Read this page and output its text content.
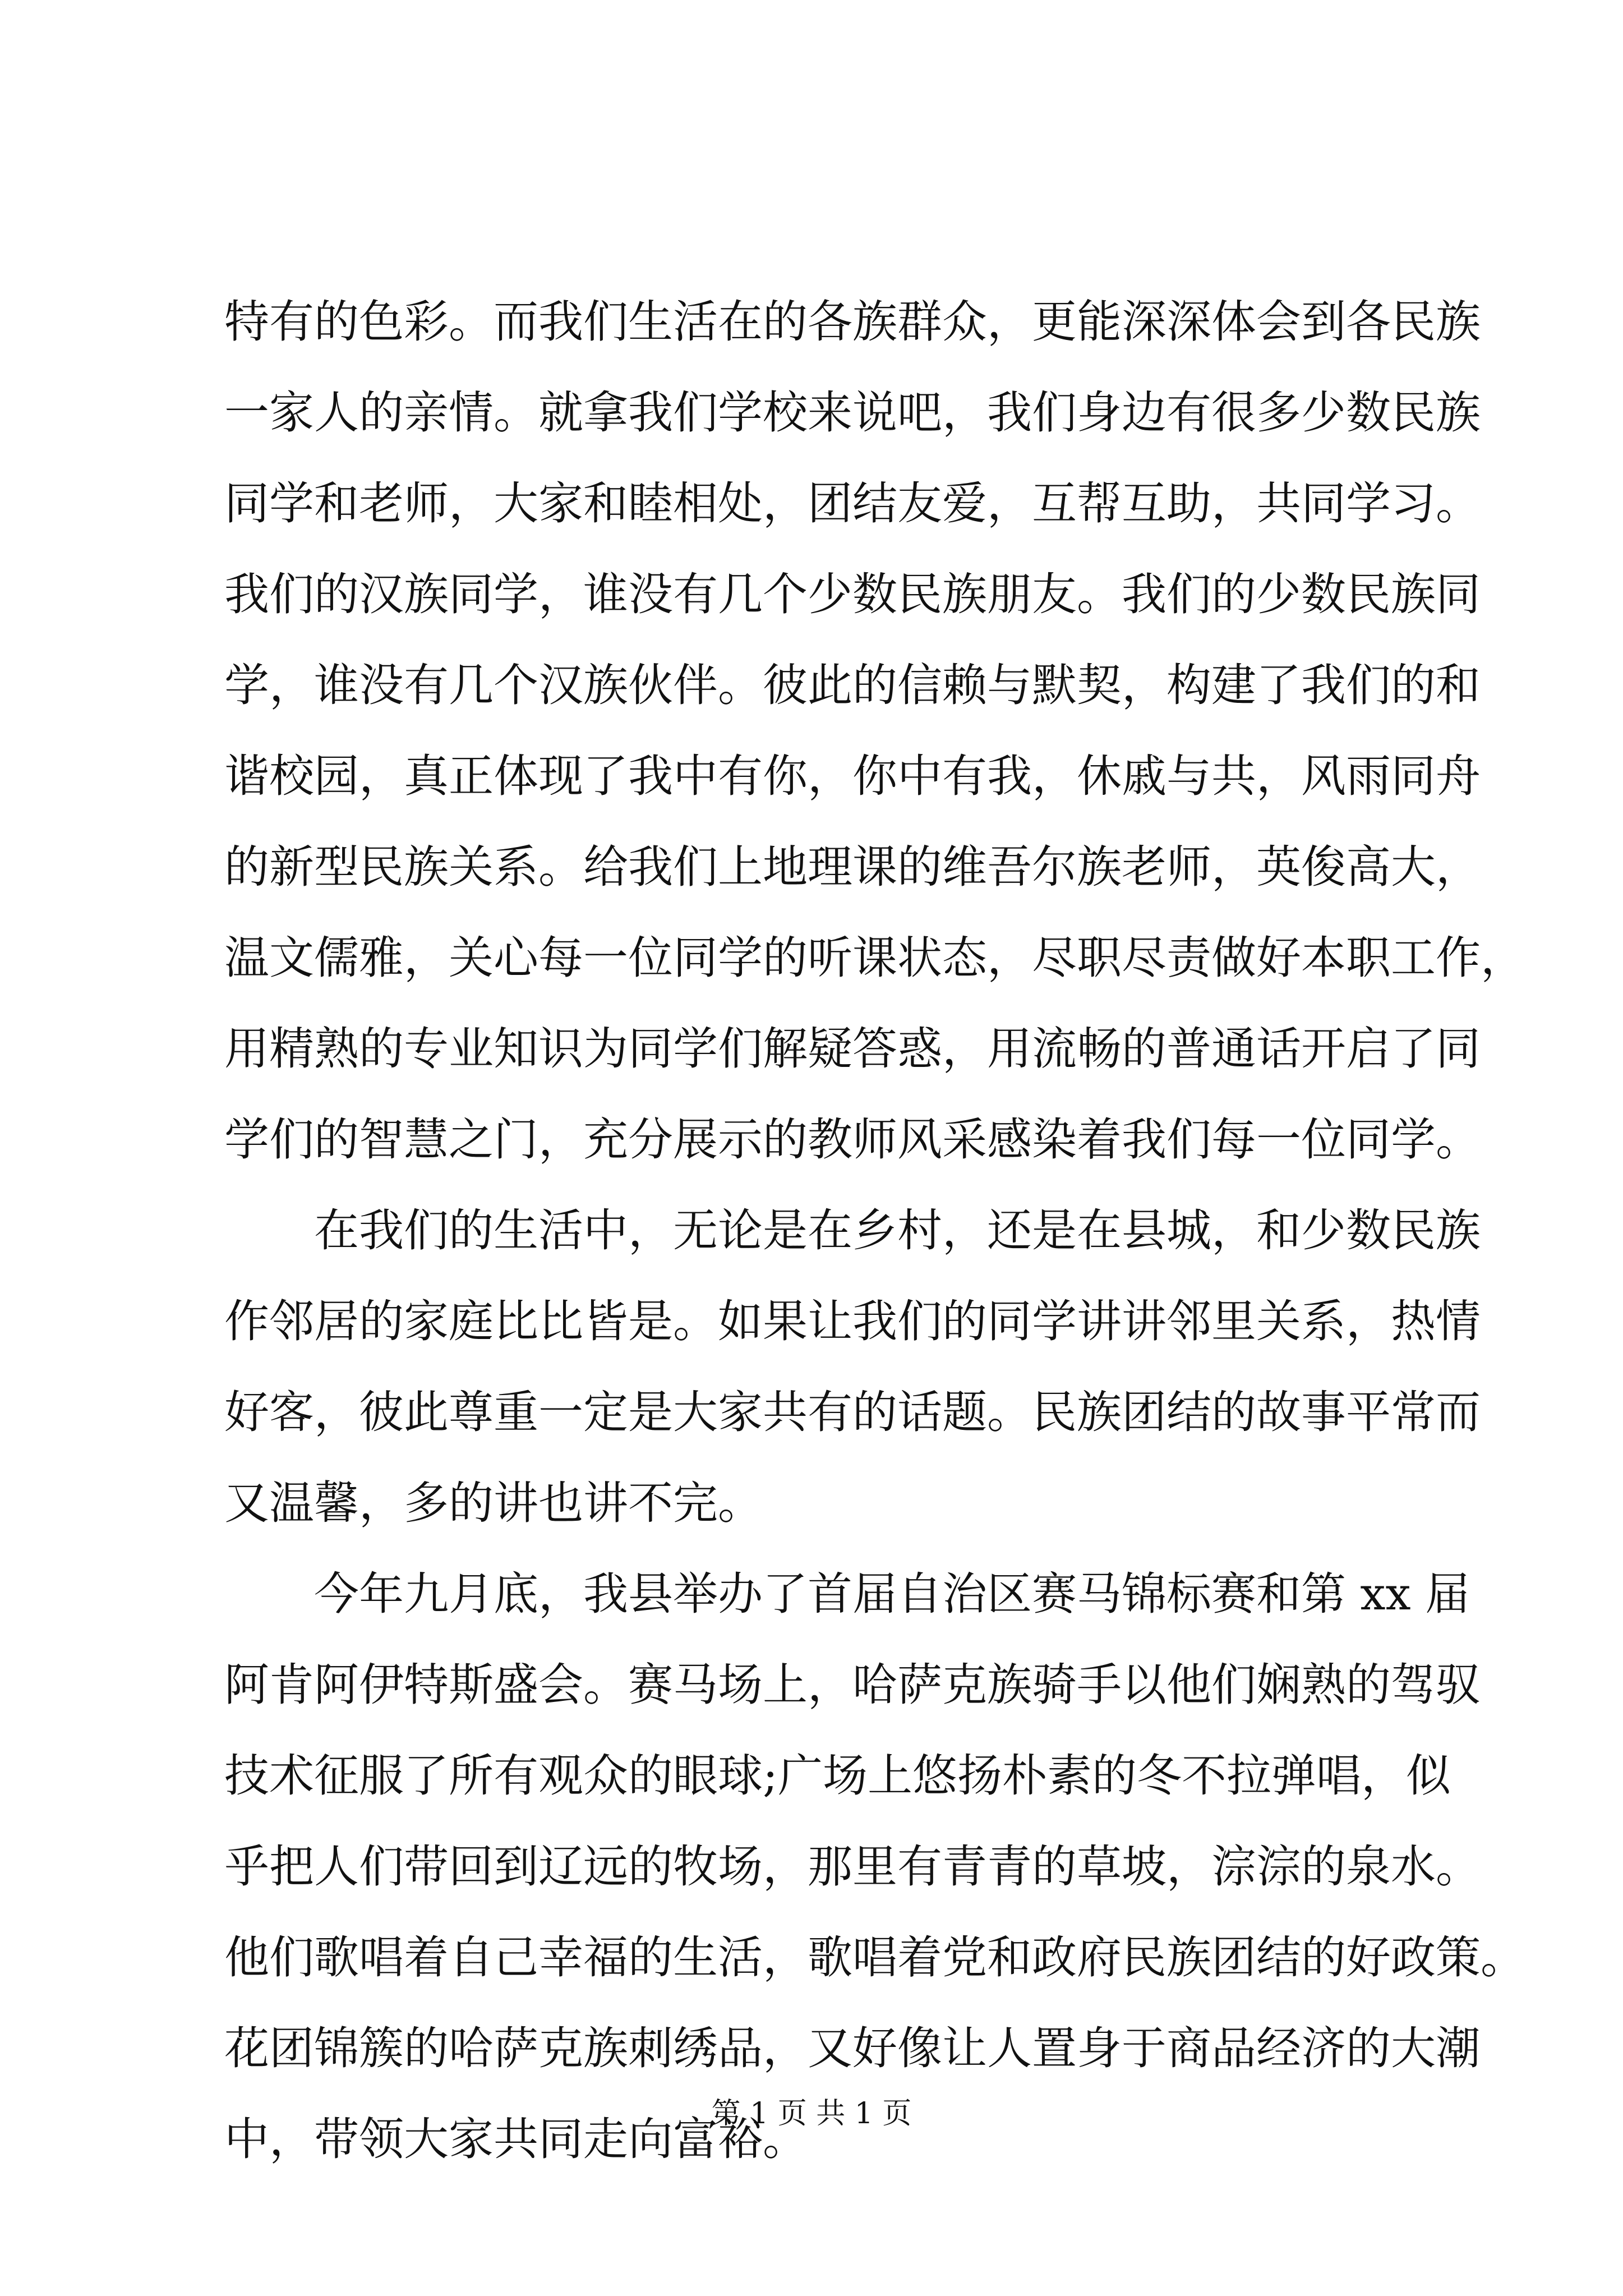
特有的色彩。而我们生活在的各族群众，更能深深体会到各民族
一家人的亲情。就拿我们学校来说吧，我们身边有很多少数民族
同学和老师，大家和睦相处，团结友爱，互帮互助，共同学习。
我们的汉族同学，谁没有几个少数民族朋友。我们的少数民族同
学，谁没有几个汉族伙伴。彼此的信赖与默契，构建了我们的和
谐校园，真正体现了我中有你，你中有我，休戚与共，风雨同舟
的新型民族关系。给我们上地理课的维吾尔族老师，英俊高大，
温文儒雅，关心每一位同学的听课状态，尽职尽责做好本职工作，
用精熟的专业知识为同学们解疑答惑，用流畅的普通话开启了同
学们的智慧之门，充分展示的教师风采感染着我们每一位同学。
在我们的生活中，无论是在乡村，还是在县城，和少数民族
作邻居的家庭比比皆是。如果让我们的同学讲讲邻里关系，热情
好客，彼此尊重一定是大家共有的话题。民族团结的故事平常而
又温馨，多的讲也讲不完。
今年九月底，我县举办了首届自治区赛马锦标赛和第 xx 届
阿肯阿伊特斯盛会。赛马场上，哈萨克族骑手以他们娴熟的驾驭
技术征服了所有观众的眼球;广场上悠扬朴素的冬不拉弹唱，似
乎把人们带回到辽远的牧场，那里有青青的草坡，淙淙的泉水。
他们歌唱着自己幸福的生活，歌唱着党和政府民族团结的好政策。
花团锦簇的哈萨克族刺绣品，又好像让人置身于商品经济的大潮
中，带领大家共同走向富裕。
第 1 页 共 1 页
